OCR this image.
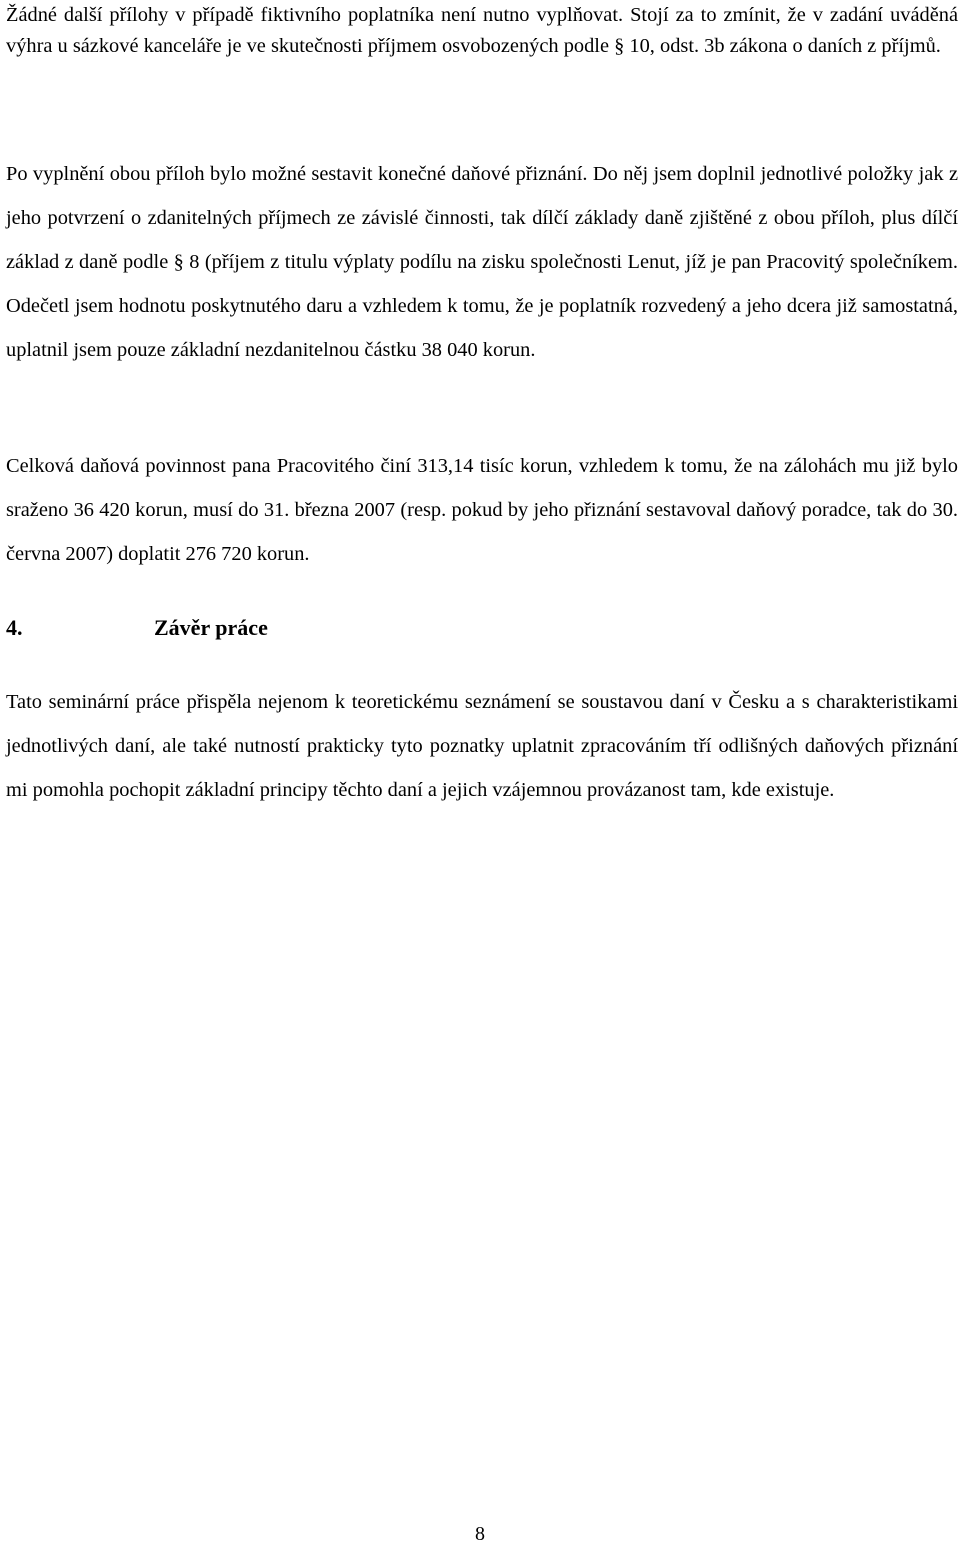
Žádné další přílohy v případě fiktivního poplatníka není nutno vyplňovat. Stojí za to zmínit, že v zadání uváděná výhra u sázkové kanceláře je ve skutečnosti příjmem osvobozených podle § 10, odst. 3b zákona o daních z příjmů.

Po vyplnění obou příloh bylo možné sestavit konečné daňové přiznání. Do něj jsem doplnil jednotlivé položky jak z jeho potvrzení o zdanitelných příjmech ze závislé činnosti, tak dílčí základy daně zjištěné z obou příloh, plus dílčí základ z daně podle § 8 (příjem z titulu výplaty podílu na zisku společnosti Lenut, jíž je pan Pracovitý společníkem. Odečetl jsem hodnotu poskytnutého daru a vzhledem k tomu, že je poplatník rozvedený a jeho dcera již samostatná, uplatnil jsem pouze základní nezdanitelnou částku 38 040 korun.

Celková daňová povinnost pana Pracovitého činí 313,14 tisíc korun, vzhledem k tomu, že na zálohách mu již bylo sraženo 36 420 korun, musí do 31. března 2007 (resp. pokud by jeho přiznání sestavoval daňový poradce, tak do 30. června 2007) doplatit 276 720 korun.

4.	Závěr práce

Tato seminární práce přispěla nejenom k teoretickému seznámení se soustavou daní v Česku a s charakteristikami jednotlivých daní, ale také nutností prakticky tyto poznatky uplatnit zpracováním tří odlišných daňových přiznání mi pomohla pochopit základní principy těchto daní a jejich vzájemnou provázanost tam, kde existuje.

8
